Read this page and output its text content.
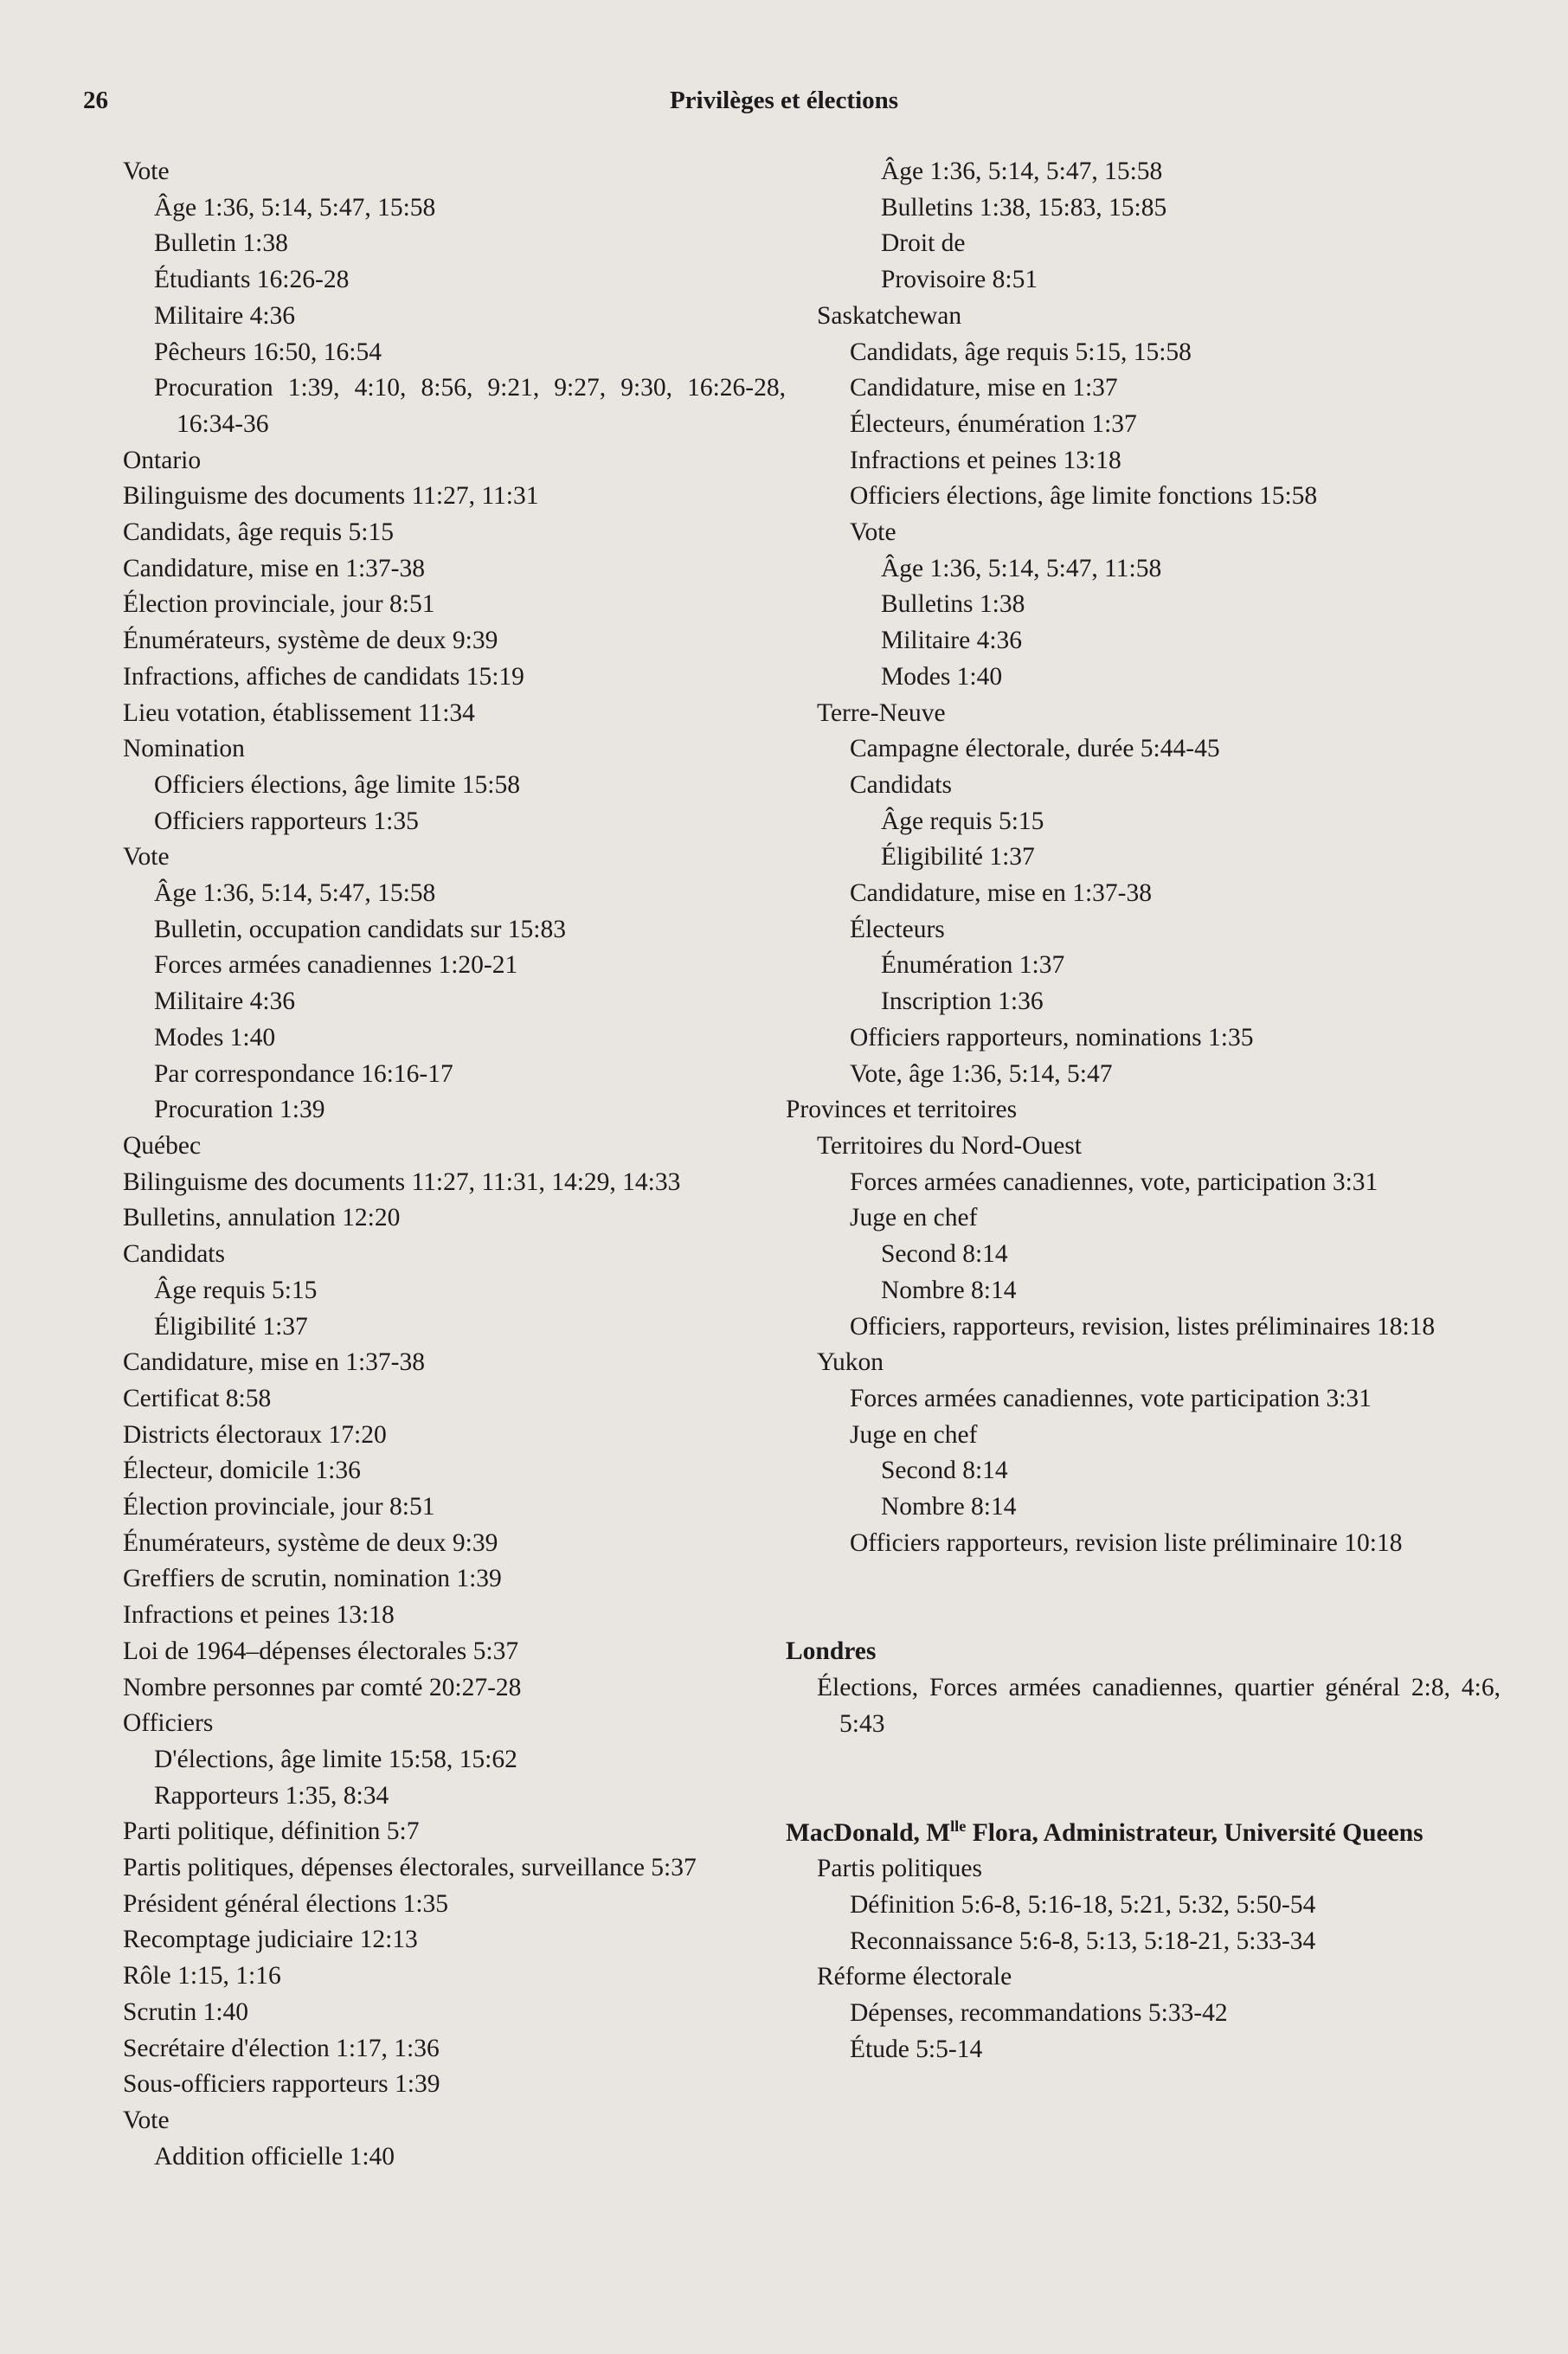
26	Privilèges et élections
Vote
Âge 1:36, 5:14, 5:47, 15:58
Bulletin 1:38
Étudiants 16:26-28
Militaire 4:36
Pêcheurs 16:50, 16:54
Procuration 1:39, 4:10, 8:56, 9:21, 9:27, 9:30, 16:26-28, 16:34-36
Ontario
Bilinguisme des documents 11:27, 11:31
Candidats, âge requis 5:15
Candidature, mise en 1:37-38
Élection provinciale, jour 8:51
Énumérateurs, système de deux 9:39
Infractions, affiches de candidats 15:19
Lieu votation, établissement 11:34
Nomination
Officiers élections, âge limite 15:58
Officiers rapporteurs 1:35
Vote
Âge 1:36, 5:14, 5:47, 15:58
Bulletin, occupation candidats sur 15:83
Forces armées canadiennes 1:20-21
Militaire 4:36
Modes 1:40
Par correspondance 16:16-17
Procuration 1:39
Québec
Bilinguisme des documents 11:27, 11:31, 14:29, 14:33
Bulletins, annulation 12:20
Candidats
Âge requis 5:15
Éligibilité 1:37
Candidature, mise en 1:37-38
Certificat 8:58
Districts électoraux 17:20
Électeur, domicile 1:36
Élection provinciale, jour 8:51
Énumérateurs, système de deux 9:39
Greffiers de scrutin, nomination 1:39
Infractions et peines 13:18
Loi de 1964–dépenses électorales 5:37
Nombre personnes par comté 20:27-28
Officiers
D'élections, âge limite 15:58, 15:62
Rapporteurs 1:35, 8:34
Parti politique, définition 5:7
Partis politiques, dépenses électorales, surveillance 5:37
Président général élections 1:35
Recomptage judiciaire 12:13
Rôle 1:15, 1:16
Scrutin 1:40
Secrétaire d'élection 1:17, 1:36
Sous-officiers rapporteurs 1:39
Vote
Addition officielle 1:40
Âge 1:36, 5:14, 5:47, 15:58
Bulletins 1:38, 15:83, 15:85
Droit de
Provisoire 8:51
Saskatchewan
Candidats, âge requis 5:15, 15:58
Candidature, mise en 1:37
Électeurs, énumération 1:37
Infractions et peines 13:18
Officiers élections, âge limite fonctions 15:58
Vote
Âge 1:36, 5:14, 5:47, 11:58
Bulletins 1:38
Militaire 4:36
Modes 1:40
Terre-Neuve
Campagne électorale, durée 5:44-45
Candidats
Âge requis 5:15
Éligibilité 1:37
Candidature, mise en 1:37-38
Électeurs
Énumération 1:37
Inscription 1:36
Officiers rapporteurs, nominations 1:35
Vote, âge 1:36, 5:14, 5:47
Provinces et territoires
Territoires du Nord-Ouest
Forces armées canadiennes, vote, participation 3:31
Juge en chef
Second 8:14
Nombre 8:14
Officiers, rapporteurs, revision, listes préliminaires 18:18
Yukon
Forces armées canadiennes, vote participation 3:31
Juge en chef
Second 8:14
Nombre 8:14
Officiers rapporteurs, revision liste préliminaire 10:18
Londres
Élections, Forces armées canadiennes, quartier général 2:8, 4:6, 5:43
MacDonald, $M^{lle}$ Flora, Administrateur, Université Queens
Partis politiques
Définition 5:6-8, 5:16-18, 5:21, 5:32, 5:50-54
Reconnaissance 5:6-8, 5:13, 5:18-21, 5:33-34
Réforme électorale
Dépenses, recommandations 5:33-42
Étude 5:5-14
